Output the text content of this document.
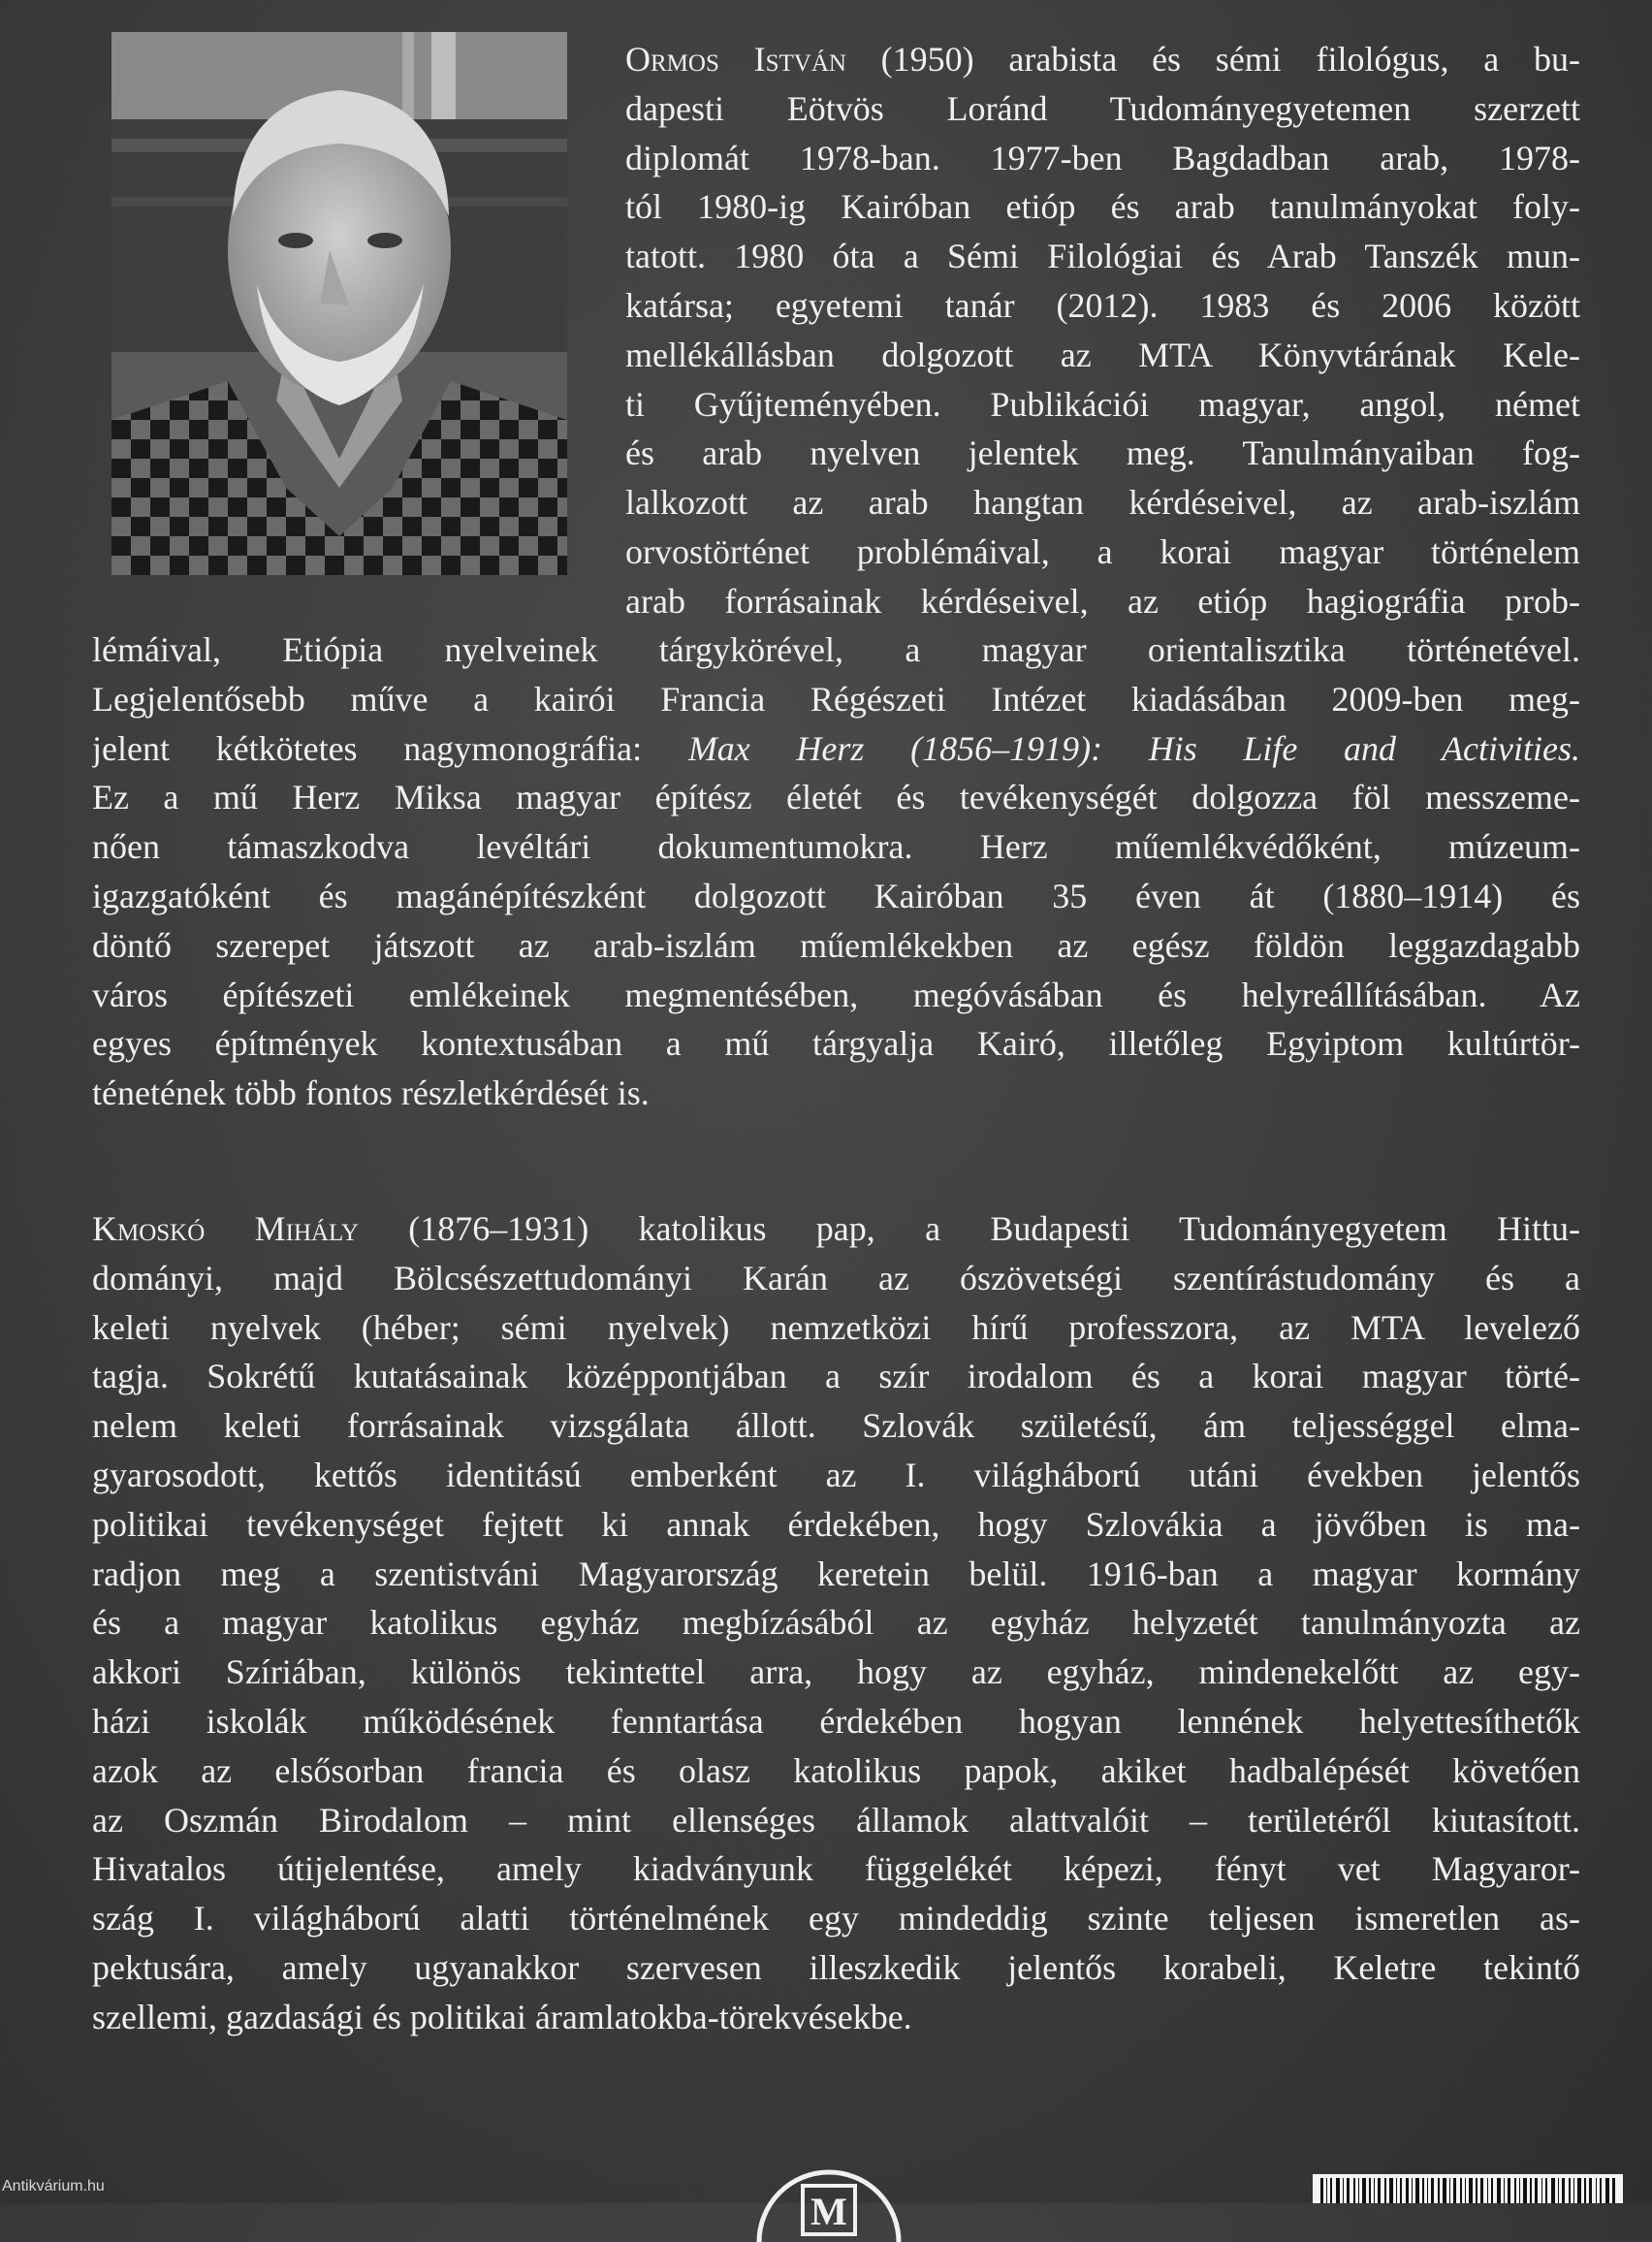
Ormos István (1950) arabista és sémi filológus, a bu-
dapesti Eötvös Loránd Tudományegyetemen szerzett
diplomát 1978-ban. 1977-ben Bagdadban arab, 1978-
tól 1980-ig Kairóban etióp és arab tanulmányokat foly-
tatott. 1980 óta a Sémi Filológiai és Arab Tanszék mun-
katársa; egyetemi tanár (2012). 1983 és 2006 között
mellékállásban dolgozott az MTA Könyvtárának Kele-
ti Gyűjteményében. Publikációi magyar, angol, német
és arab nyelven jelentek meg. Tanulmányaiban fog-
lalkozott az arab hangtan kérdéseivel, az arab-iszlám
orvostörténet problémáival, a korai magyar történelem
arab forrásainak kérdéseivel, az etióp hagiográfia prob-
lémáival, Etiópia nyelveinek tárgykörével, a magyar orientalisztika történetével.
Legjelentősebb műve a kairói Francia Régészeti Intézet kiadásában 2009-ben meg-
jelent kétkötetes nagymonográfia: Max Herz (1856–1919): His Life and Activities.
Ez a mű Herz Miksa magyar építész életét és tevékenységét dolgozza föl messzeme-
nően támaszkodva levéltári dokumentumokra. Herz műemlékvédőként, múzeum-
igazgatóként és magánépítészként dolgozott Kairóban 35 éven át (1880–1914) és
döntő szerepet játszott az arab-iszlám műemlékekben az egész földön leggazdagabb
város építészeti emlékeinek megmentésében, megóvásában és helyreállításában. Az
egyes építmények kontextusában a mű tárgyalja Kairó, illetőleg Egyiptom kultúrtör-
ténetének több fontos részletkérdését is.
Kmoskó Mihály (1876–1931) katolikus pap, a Budapesti Tudományegyetem Hittu-
dományi, majd Bölcsészettudományi Karán az ószövetségi szentírástudomány és a
keleti nyelvek (héber; sémi nyelvek) nemzetközi hírű professzora, az MTA levelező
tagja. Sokrétű kutatásainak középpontjában a szír irodalom és a korai magyar törté-
nelem keleti forrásainak vizsgálata állott. Szlovák születésű, ám teljességgel elma-
gyarosodott, kettős identitású emberként az I. világháború utáni években jelentős
politikai tevékenységet fejtett ki annak érdekében, hogy Szlovákia a jövőben is ma-
radjon meg a szentistváni Magyarország keretein belül. 1916-ban a magyar kormány
és a magyar katolikus egyház megbízásából az egyház helyzetét tanulmányozta az
akkori Szíriában, különös tekintettel arra, hogy az egyház, mindenekelőtt az egy-
házi iskolák működésének fenntartása érdekében hogyan lennének helyettesíthetők
azok az elsősorban francia és olasz katolikus papok, akiket hadbalépését követően
az Oszmán Birodalom – mint ellenséges államok alattvalóit – területéről kiutasított.
Hivatalos útijelentése, amely kiadványunk függelékét képezi, fényt vet Magyaror-
szág I. világháború alatti történelmének egy mindeddig szinte teljesen ismeretlen as-
pektusára, amely ugyanakkor szervesen illeszkedik jelentős korabeli, Keletre tekintő
szellemi, gazdasági és politikai áramlatokba-törekvésekbe.
M
Antikvárium.hu
